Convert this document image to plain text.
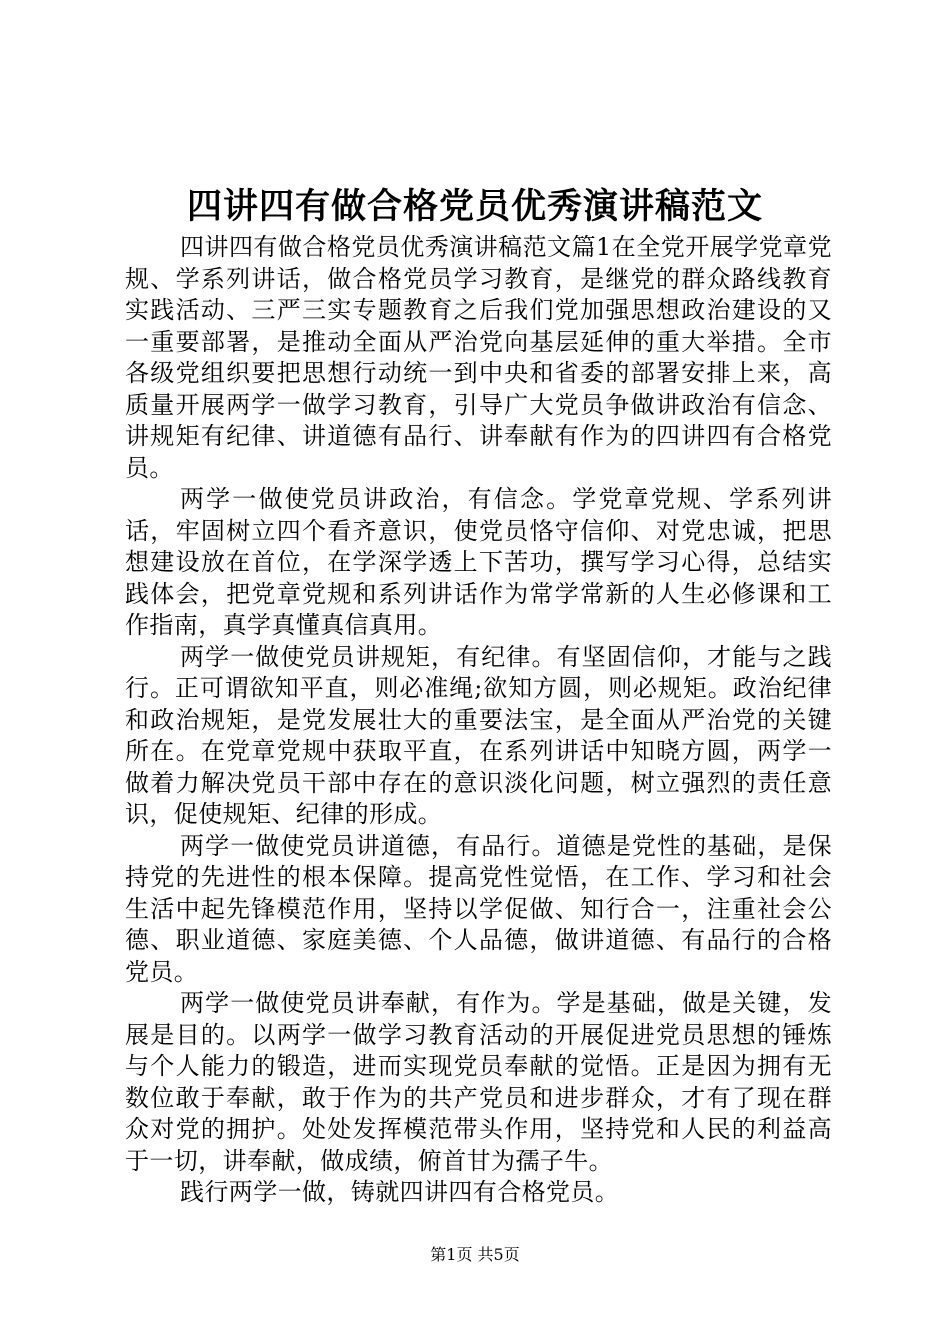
四讲四有做合格党员优秀演讲稿范文

四讲四有做合格党员优秀演讲稿范文篇1在全党开展学党章党规、学系列讲话，做合格党员学习教育，是继党的群众路线教育实践活动、三严三实专题教育之后我们党加强思想政治建设的又一重要部署，是推动全面从严治党向基层延伸的重大举措。全市各级党组织要把思想行动统一到中央和省委的部署安排上来，高质量开展两学一做学习教育，引导广大党员争做讲政治有信念、讲规矩有纪律、讲道德有品行、讲奉献有作为的四讲四有合格党员。

两学一做使党员讲政治，有信念。学党章党规、学系列讲话，牢固树立四个看齐意识，使党员恪守信仰、对党忠诚，把思想建设放在首位，在学深学透上下苦功，撰写学习心得，总结实践体会，把党章党规和系列讲话作为常学常新的人生必修课和工作指南，真学真懂真信真用。

两学一做使党员讲规矩，有纪律。有坚固信仰，才能与之践行。正可谓欲知平直，则必准绳;欲知方圆，则必规矩。政治纪律和政治规矩，是党发展壮大的重要法宝，是全面从严治党的关键所在。在党章党规中获取平直，在系列讲话中知晓方圆，两学一做着力解决党员干部中存在的意识淡化问题，树立强烈的责任意识，促使规矩、纪律的形成。

两学一做使党员讲道德，有品行。道德是党性的基础，是保持党的先进性的根本保障。提高党性觉悟，在工作、学习和社会生活中起先锋模范作用，坚持以学促做、知行合一，注重社会公德、职业道德、家庭美德、个人品德，做讲道德、有品行的合格党员。

两学一做使党员讲奉献，有作为。学是基础，做是关键，发展是目的。以两学一做学习教育活动的开展促进党员思想的锤炼与个人能力的锻造，进而实现党员奉献的觉悟。正是因为拥有无数位敢于奉献，敢于作为的共产党员和进步群众，才有了现在群众对党的拥护。处处发挥模范带头作用，坚持党和人民的利益高于一切，讲奉献，做成绩，俯首甘为孺子牛。

践行两学一做，铸就四讲四有合格党员。

第1页 共5页
